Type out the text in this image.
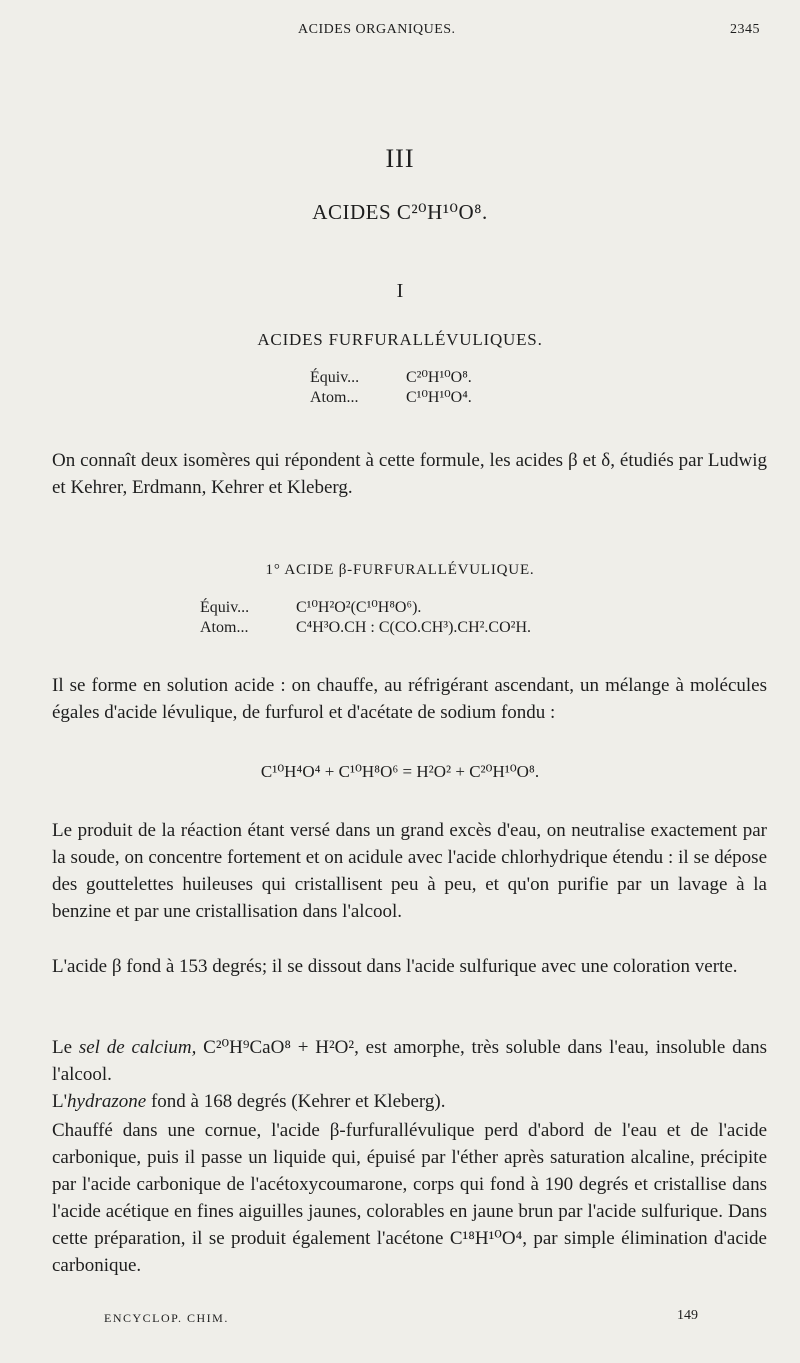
ACIDES ORGANIQUES.	2345
III
ACIDES C²⁰H¹⁰O⁸.
I
ACIDES FURFURALLÉVULIQUES.
Équiv...	C²⁰H¹⁰O⁸.
Atom...	C¹⁰H¹⁰O⁴.

On connaît deux isomères qui répondent à cette formule, les acides β et δ, étudiés par Ludwig et Kehrer, Erdmann, Kehrer et Kleberg.

1° ACIDE β-FURFURALLÉVULIQUE.
Équiv...	C¹⁰H²O²(C¹⁰H⁸O⁶).
Atom...	C⁴H³O.CH : C(CO.CH³).CH².CO²H.

Il se forme en solution acide : on chauffe, au réfrigérant ascendant, un mélange à molécules égales d'acide lévulique, de furfurol et d'acétate de sodium fondu :

C¹⁰H⁴O⁴ + C¹⁰H⁸O⁶ = H²O² + C²⁰H¹⁰O⁸.

Le produit de la réaction étant versé dans un grand excès d'eau, on neutralise exactement par la soude, on concentre fortement et on acidule avec l'acide chlorhydrique étendu : il se dépose des gouttelettes huileuses qui cristallisent peu à peu, et qu'on purifie par un lavage à la benzine et par une cristallisation dans l'alcool.

L'acide β fond à 153 degrés; il se dissout dans l'acide sulfurique avec une coloration verte.

Le sel de calcium, C²⁰H⁹CaO⁸ + H²O², est amorphe, très soluble dans l'eau, insoluble dans l'alcool.

L'hydrazone fond à 168 degrés (Kehrer et Kleberg).

Chauffé dans une cornue, l'acide β-furfurallévulique perd d'abord de l'eau et de l'acide carbonique, puis il passe un liquide qui, épuisé par l'éther après saturation alcaline, précipite par l'acide carbonique de l'acétoxycoumarone, corps qui fond à 190 degrés et cristallise dans l'acide acétique en fines aiguilles jaunes, colorables en jaune brun par l'acide sulfurique. Dans cette préparation, il se produit également l'acétone C¹⁸H¹⁰O⁴, par simple élimination d'acide carbonique.

ENCYCLOP. CHIM.	149
